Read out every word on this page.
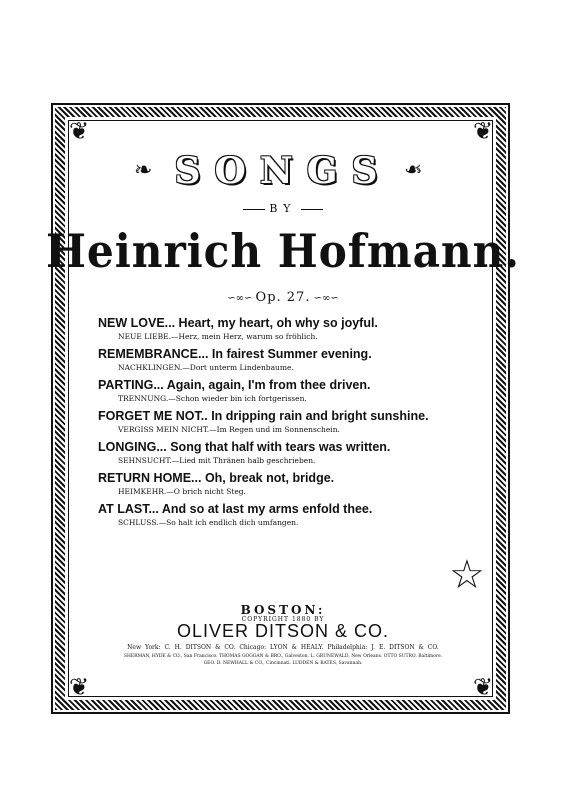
❦	❦
❦	❦
❧	❧
SONGS
BY
Heinrich Hofmann.
∽∞∽ Op. 27. ∽∞∽
NEW LOVE... Heart, my heart, oh why so joyful.
NEUE LIEBE.—Herz, mein Herz, warum so fröhlich.
REMEMBRANCE... In fairest Summer evening.
NACHKLINGEN.—Dort unterm Lindenbaume.
PARTING... Again, again, I'm from thee driven.
TRENNUNG.—Schon wieder bin ich fortgerissen.
FORGET ME NOT.. In dripping rain and bright sunshine.
VERGISS MEIN NICHT.—Im Regen und im Sonnenschein.
LONGING... Song that half with tears was written.
SEHNSUCHT.—Lied mit Thränen halb geschrieben.
RETURN HOME... Oh, break not, bridge.
HEIMKEHR.—O brich nicht Steg.
AT LAST... And so at last my arms enfold thee.
SCHLUSS.—So halt ich endlich dich umfangen.
☆
BOSTON:
COPYRIGHT 1880 BY
OLIVER DITSON & CO.
New York: C. H. DITSON & CO. Chicago: LYON & HEALY. Philadelphia: J. E. DITSON & CO.
SHERMAN, HYDE & CO., San Francisco. THOMAS GOGGAN & BRO., Galveston. L. GRUNEWALD, New Orleans. OTTO SUTRO, Baltimore.
GEO. D. NEWHALL & CO., Cincinnati. LUDDEN & BATES, Savannah.
